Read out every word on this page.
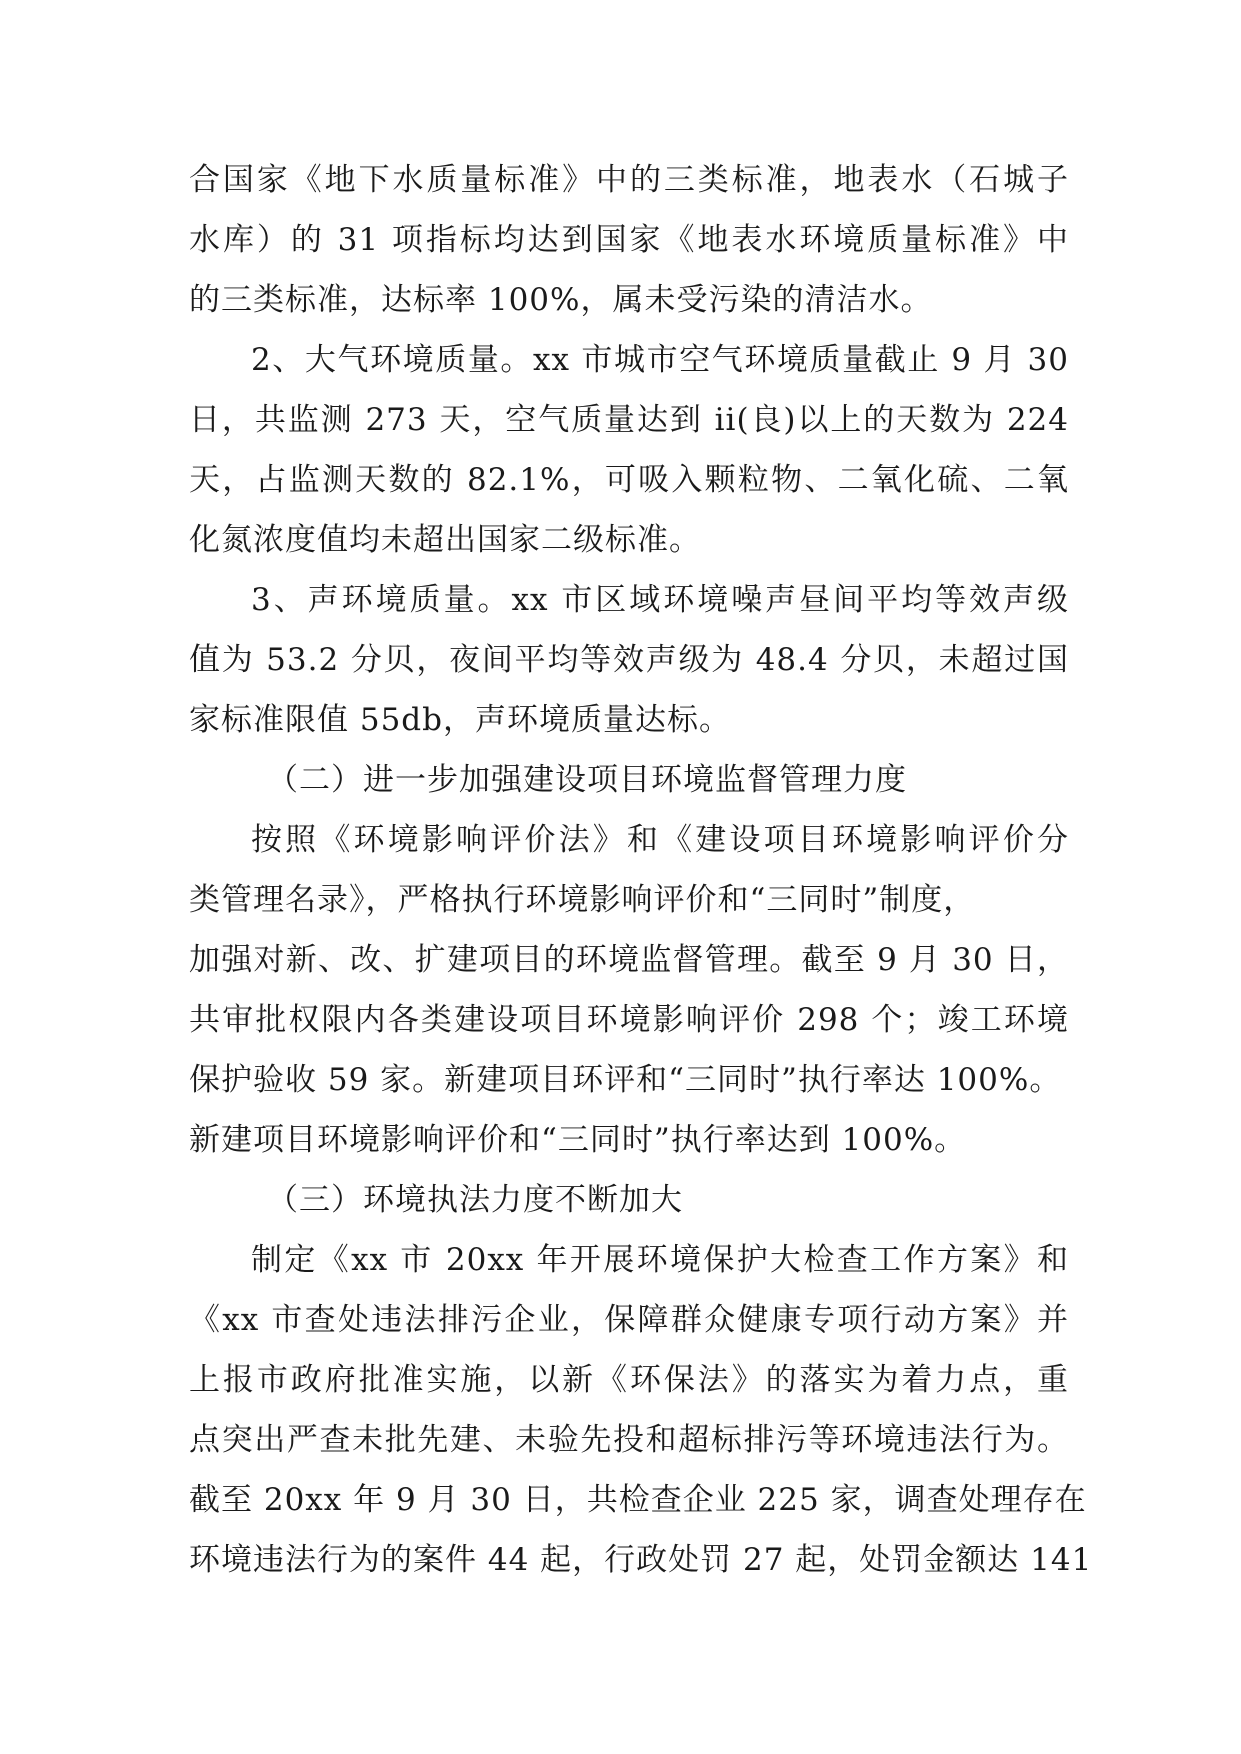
合国家《地下水质量标准》中的三类标准，地表水（石城子
水库）的 31 项指标均达到国家《地表水环境质量标准》中
的三类标准，达标率 100%，属未受污染的清洁水。
2、大气环境质量。xx 市城市空气环境质量截止 9 月 30
日，共监测 273 天，空气质量达到 ii(良)以上的天数为 224
天，占监测天数的 82.1%，可吸入颗粒物、二氧化硫、二氧
化氮浓度值均未超出国家二级标准。
3、声环境质量。xx 市区域环境噪声昼间平均等效声级
值为 53.2 分贝，夜间平均等效声级为 48.4 分贝，未超过国
家标准限值 55db，声环境质量达标。
（二）进一步加强建设项目环境监督管理力度
按照《环境影响评价法》和《建设项目环境影响评价分
类管理名录》，严格执行环境影响评价和“三同时”制度，
加强对新、改、扩建项目的环境监督管理。截至 9 月 30 日，
共审批权限内各类建设项目环境影响评价 298 个；竣工环境
保护验收 59 家。新建项目环评和“三同时”执行率达 100%。
新建项目环境影响评价和“三同时”执行率达到 100%。
（三）环境执法力度不断加大
制定《xx 市 20xx 年开展环境保护大检查工作方案》和
《xx 市查处违法排污企业，保障群众健康专项行动方案》并
上报市政府批准实施，以新《环保法》的落实为着力点，重
点突出严查未批先建、未验先投和超标排污等环境违法行为。
截至 20xx 年 9 月 30 日，共检查企业 225 家，调查处理存在
环境违法行为的案件 44 起，行政处罚 27 起，处罚金额达 141
